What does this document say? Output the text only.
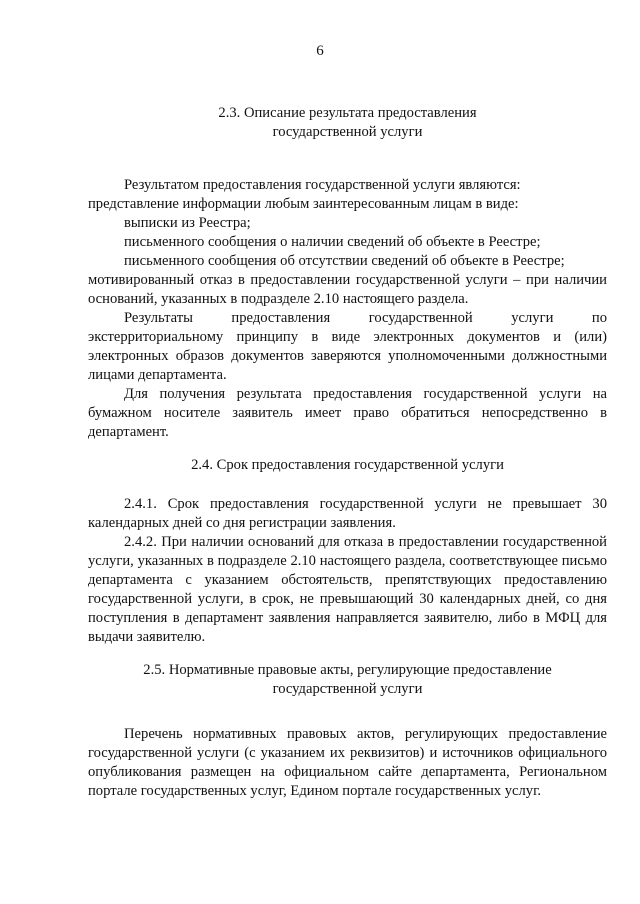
6
2.3. Описание результата предоставления
государственной услуги

Результатом предоставления государственной услуги являются:

представление информации любым заинтересованным лицам в виде:

выписки из Реестра;

письменного сообщения о наличии сведений об объекте в Реестре;

письменного сообщения об отсутствии сведений об объекте в Реестре;

мотивированный отказ в предоставлении государственной услуги – при наличии оснований, указанных в подразделе 2.10 настоящего раздела.

Результаты предоставления государственной услуги по

экстерриториальному принципу в виде электронных документов и (или) электронных образов документов заверяются уполномоченными должностными лицами департамента.

Для получения результата предоставления государственной услуги на бумажном носителе заявитель имеет право обратиться непосредственно в департамент.

2.4. Срок предоставления государственной услуги

2.4.1. Срок предоставления государственной услуги не превышает 30 календарных дней со дня регистрации заявления.

2.4.2. При наличии оснований для отказа в предоставлении государственной услуги, указанных в подразделе 2.10 настоящего раздела, соответствующее письмо департамента с указанием обстоятельств, препятствующих предоставлению государственной услуги, в срок, не превышающий 30 календарных дней, со дня поступления в департамент заявления направляется заявителю, либо в МФЦ для выдачи заявителю.

2.5. Нормативные правовые акты, регулирующие предоставление
государственной услуги

Перечень нормативных правовых актов, регулирующих предоставление государственной услуги (с указанием их реквизитов) и источников официального опубликования размещен на официальном сайте департамента, Региональном портале государственных услуг, Едином портале государственных услуг.
